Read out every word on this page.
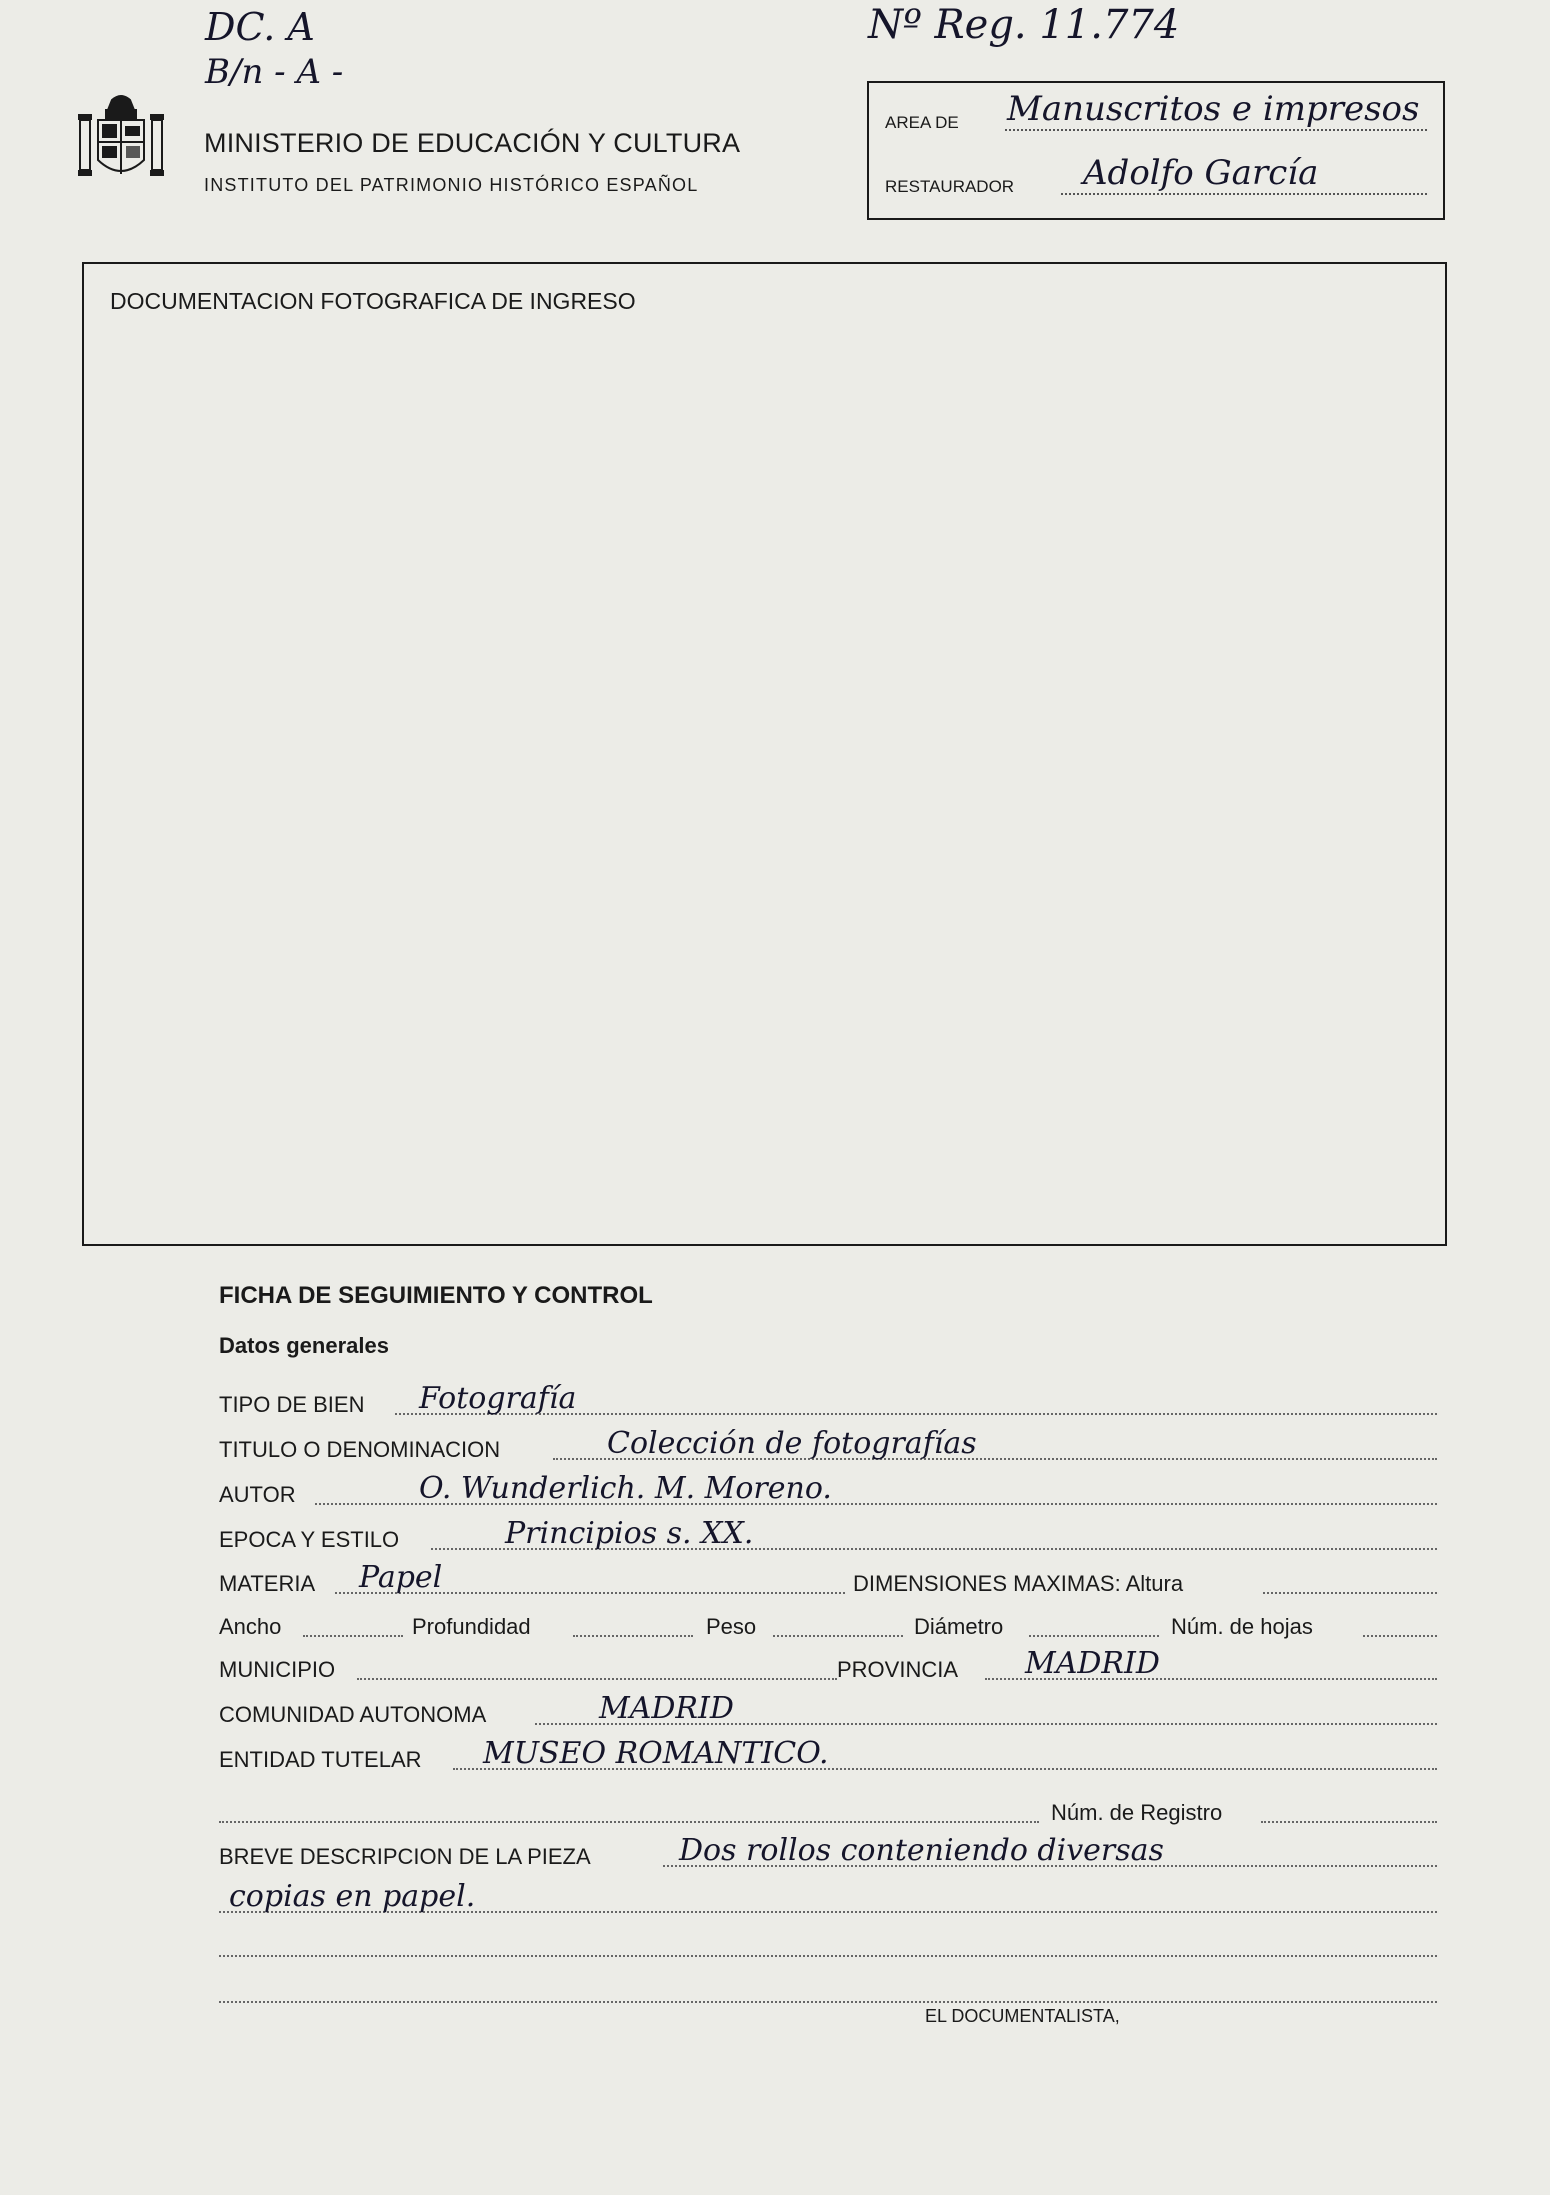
DC. A
B/n - A -
Nº Reg. 11.774
MINISTERIO DE EDUCACIÓN Y CULTURA
INSTITUTO DEL PATRIMONIO HISTÓRICO ESPAÑOL
AREA DE Manuscritos e impresos
RESTAURADOR Adolfo García
DOCUMENTACION FOTOGRAFICA DE INGRESO
FICHA DE SEGUIMIENTO Y CONTROL
Datos generales
TIPO DE BIEN Fotografía
TITULO O DENOMINACION	Colección de fotografías
AUTOR	O. Wunderlich. M. Moreno.
EPOCA Y ESTILO	Principios s. XX.
MATERIA Papel	DIMENSIONES MAXIMAS: Altura
Ancho	Profundidad	Peso	Diámetro	Núm. de hojas
MUNICIPIO	PROVINCIA MADRID
COMUNIDAD AUTONOMA	MADRID
ENTIDAD TUTELAR MUSEO ROMANTICO.
Núm. de Registro
BREVE DESCRIPCION DE LA PIEZA	Dos rollos conteniendo diversas
copias en papel.
EL DOCUMENTALISTA,
